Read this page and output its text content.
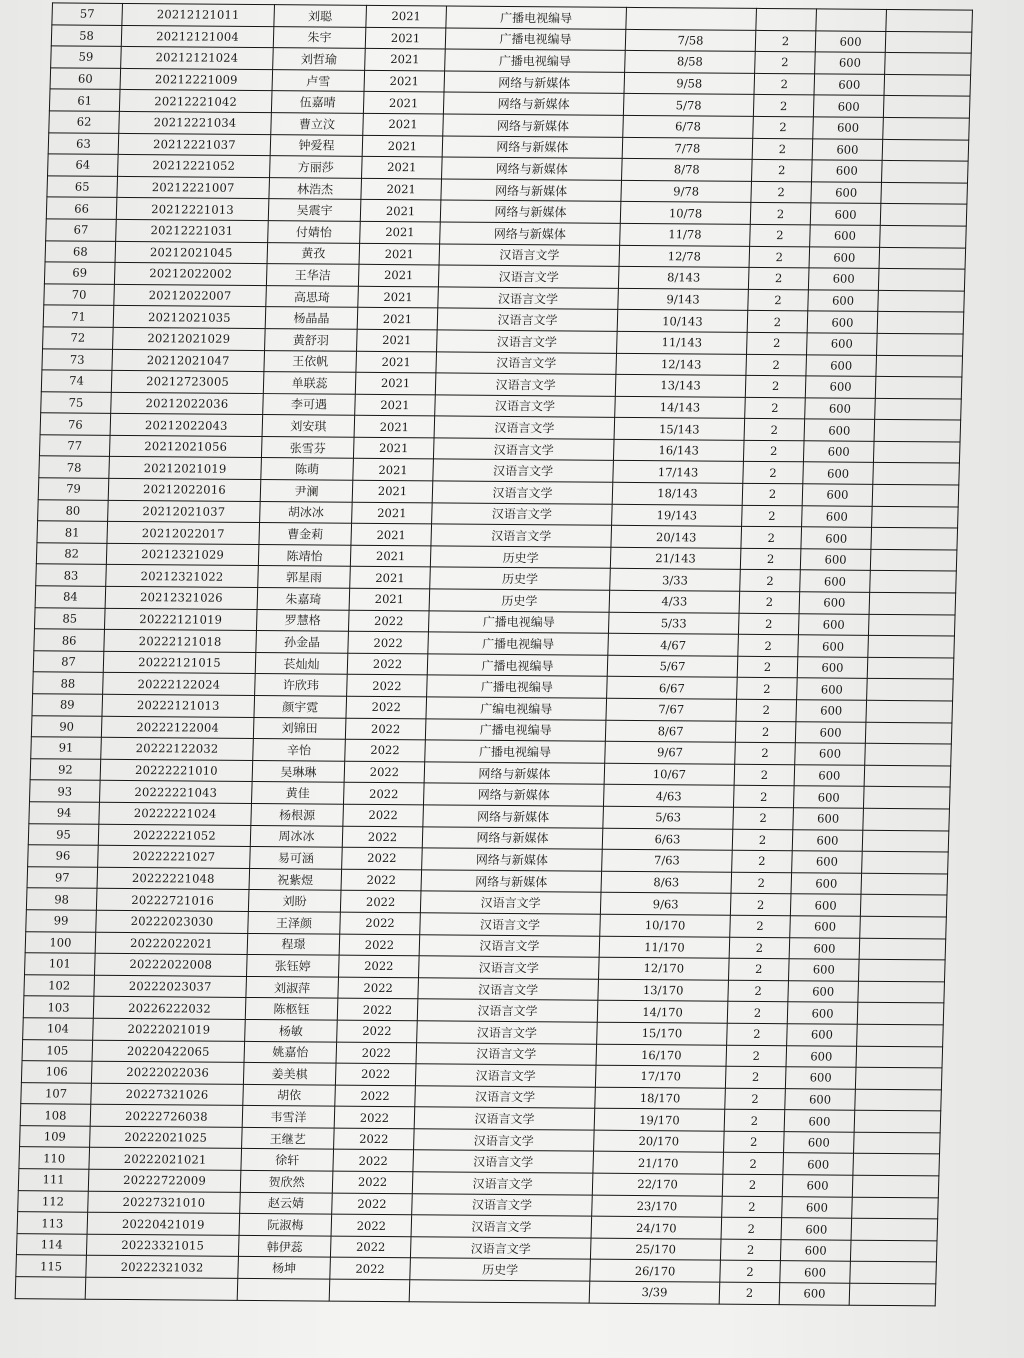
57	20212121011	刘聪	2021	广播电视编导				
58	20212121004	朱宇	2021	广播电视编导	7/58	2	600	
59	20212121024	刘哲瑜	2021	广播电视编导	8/58	2	600	
60	20212221009	卢雪	2021	网络与新媒体	9/58	2	600	
61	20212221042	伍嘉晴	2021	网络与新媒体	5/78	2	600	
62	20212221034	曹立汶	2021	网络与新媒体	6/78	2	600	
63	20212221037	钟爱程	2021	网络与新媒体	7/78	2	600	
64	20212221052	方丽莎	2021	网络与新媒体	8/78	2	600	
65	20212221007	林浩杰	2021	网络与新媒体	9/78	2	600	
66	20212221013	吴震宇	2021	网络与新媒体	10/78	2	600	
67	20212221031	付婧怡	2021	网络与新媒体	11/78	2	600	
68	20212021045	黄孜	2021	汉语言文学	12/78	2	600	
69	20212022002	王华洁	2021	汉语言文学	8/143	2	600	
70	20212022007	高思琦	2021	汉语言文学	9/143	2	600	
71	20212021035	杨晶晶	2021	汉语言文学	10/143	2	600	
72	20212021029	黄舒羽	2021	汉语言文学	11/143	2	600	
73	20212021047	王依帆	2021	汉语言文学	12/143	2	600	
74	20212723005	单联蕊	2021	汉语言文学	13/143	2	600	
75	20212022036	李可遇	2021	汉语言文学	14/143	2	600	
76	20212022043	刘安琪	2021	汉语言文学	15/143	2	600	
77	20212021056	张雪芬	2021	汉语言文学	16/143	2	600	
78	20212021019	陈萌	2021	汉语言文学	17/143	2	600	
79	20212022016	尹澜	2021	汉语言文学	18/143	2	600	
80	20212021037	胡冰冰	2021	汉语言文学	19/143	2	600	
81	20212022017	曹金莉	2021	汉语言文学	20/143	2	600	
82	20212321029	陈靖怡	2021	历史学	21/143	2	600	
83	20212321022	郭星雨	2021	历史学	3/33	2	600	
84	20212321026	朱嘉琦	2021	历史学	4/33	2	600	
85	20222121019	罗慧格	2022	广播电视编导	5/33	2	600	
86	20222121018	孙金晶	2022	广播电视编导	4/67	2	600	
87	20222121015	苌灿灿	2022	广播电视编导	5/67	2	600	
88	20222122024	许欣玮	2022	广播电视编导	6/67	2	600	
89	20222121013	颜宇霓	2022	广编电视编导	7/67	2	600	
90	20222122004	刘锦田	2022	广播电视编导	8/67	2	600	
91	20222122032	辛怡	2022	广播电视编导	9/67	2	600	
92	20222221010	吴琳琳	2022	网络与新媒体	10/67	2	600	
93	20222221043	黄佳	2022	网络与新媒体	4/63	2	600	
94	20222221024	杨根源	2022	网络与新媒体	5/63	2	600	
95	20222221052	周冰冰	2022	网络与新媒体	6/63	2	600	
96	20222221027	易可涵	2022	网络与新媒体	7/63	2	600	
97	20222221048	祝紫煜	2022	网络与新媒体	8/63	2	600	
98	20222721016	刘盼	2022	汉语言文学	9/63	2	600	
99	20222023030	王泽颜	2022	汉语言文学	10/170	2	600	
100	20222022021	程璟	2022	汉语言文学	11/170	2	600	
101	20222022008	张钰婷	2022	汉语言文学	12/170	2	600	
102	20222023037	刘淑萍	2022	汉语言文学	13/170	2	600	
103	20226222032	陈柩钰	2022	汉语言文学	14/170	2	600	
104	20222021019	杨敏	2022	汉语言文学	15/170	2	600	
105	20220422065	姚嘉怡	2022	汉语言文学	16/170	2	600	
106	20222022036	姜美棋	2022	汉语言文学	17/170	2	600	
107	20227321026	胡依	2022	汉语言文学	18/170	2	600	
108	20222726038	韦雪洋	2022	汉语言文学	19/170	2	600	
109	20222021025	王继艺	2022	汉语言文学	20/170	2	600	
110	20222021021	徐轩	2022	汉语言文学	21/170	2	600	
111	20222722009	贺欣然	2022	汉语言文学	22/170	2	600	
112	20227321010	赵云婧	2022	汉语言文学	23/170	2	600	
113	20220421019	阮淑梅	2022	汉语言文学	24/170	2	600	
114	20223321015	韩伊蕊	2022	汉语言文学	25/170	2	600	
115	20222321032	杨坤	2022	历史学	26/170	2	600	
					3/39	2	600	
